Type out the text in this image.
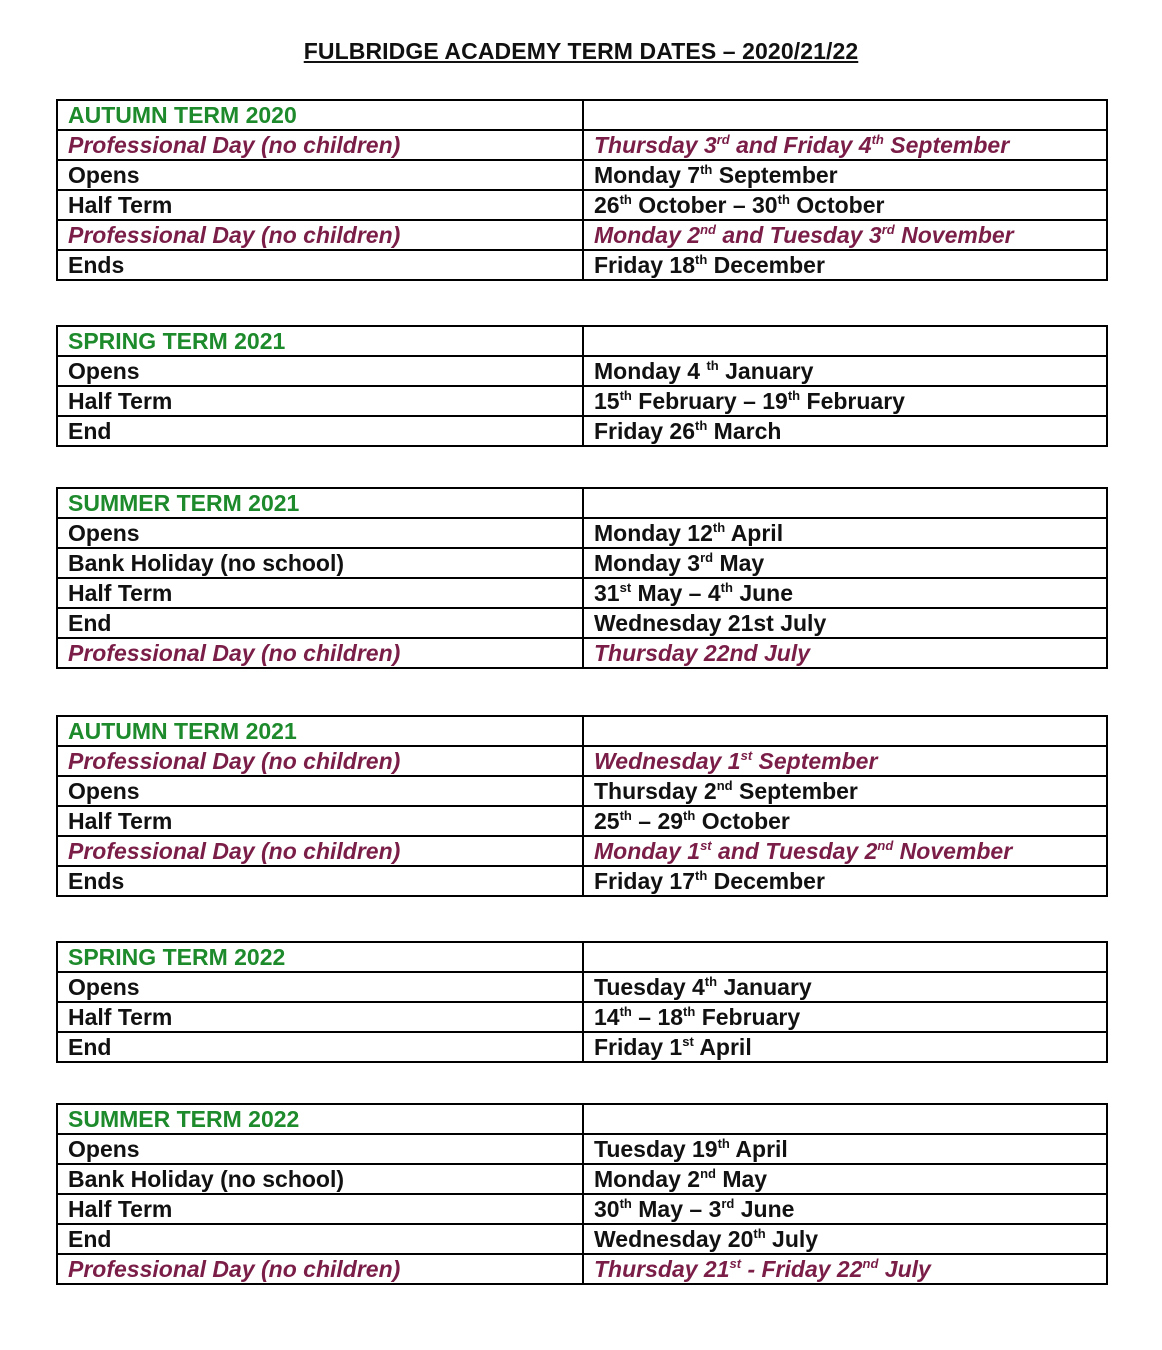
FULBRIDGE ACADEMY TERM DATES – 2020/21/22
AUTUMN TERM 2020	
Professional Day (no children)	Thursday 3rd and Friday 4th September
Opens	Monday 7th September
Half Term	26th October – 30th October
Professional Day (no children)	Monday 2nd and Tuesday 3rd November
Ends	Friday 18th December
SPRING TERM 2021	
Opens	Monday 4 $^{th}$ January
Half Term	15th February – 19th February
End	Friday 26th March
SUMMER TERM 2021	
Opens	Monday 12th April
Bank Holiday (no school)	Monday 3rd May
Half Term	31st May – 4th June
End	Wednesday 21st July
Professional Day (no children)	Thursday 22nd July
AUTUMN TERM 2021	
Professional Day (no children)	Wednesday 1st September
Opens	Thursday 2nd September
Half Term	25th – 29th October
Professional Day (no children)	Monday 1st and Tuesday 2nd November
Ends	Friday 17th December
SPRING TERM 2022	
Opens	Tuesday 4th January
Half Term	14th – 18th February
End	Friday 1st April
SUMMER TERM 2022	
Opens	Tuesday 19th April
Bank Holiday (no school)	Monday 2nd May
Half Term	30th May – 3rd June
End	Wednesday 20th July
Professional Day (no children)	Thursday 21st - Friday 22nd July
